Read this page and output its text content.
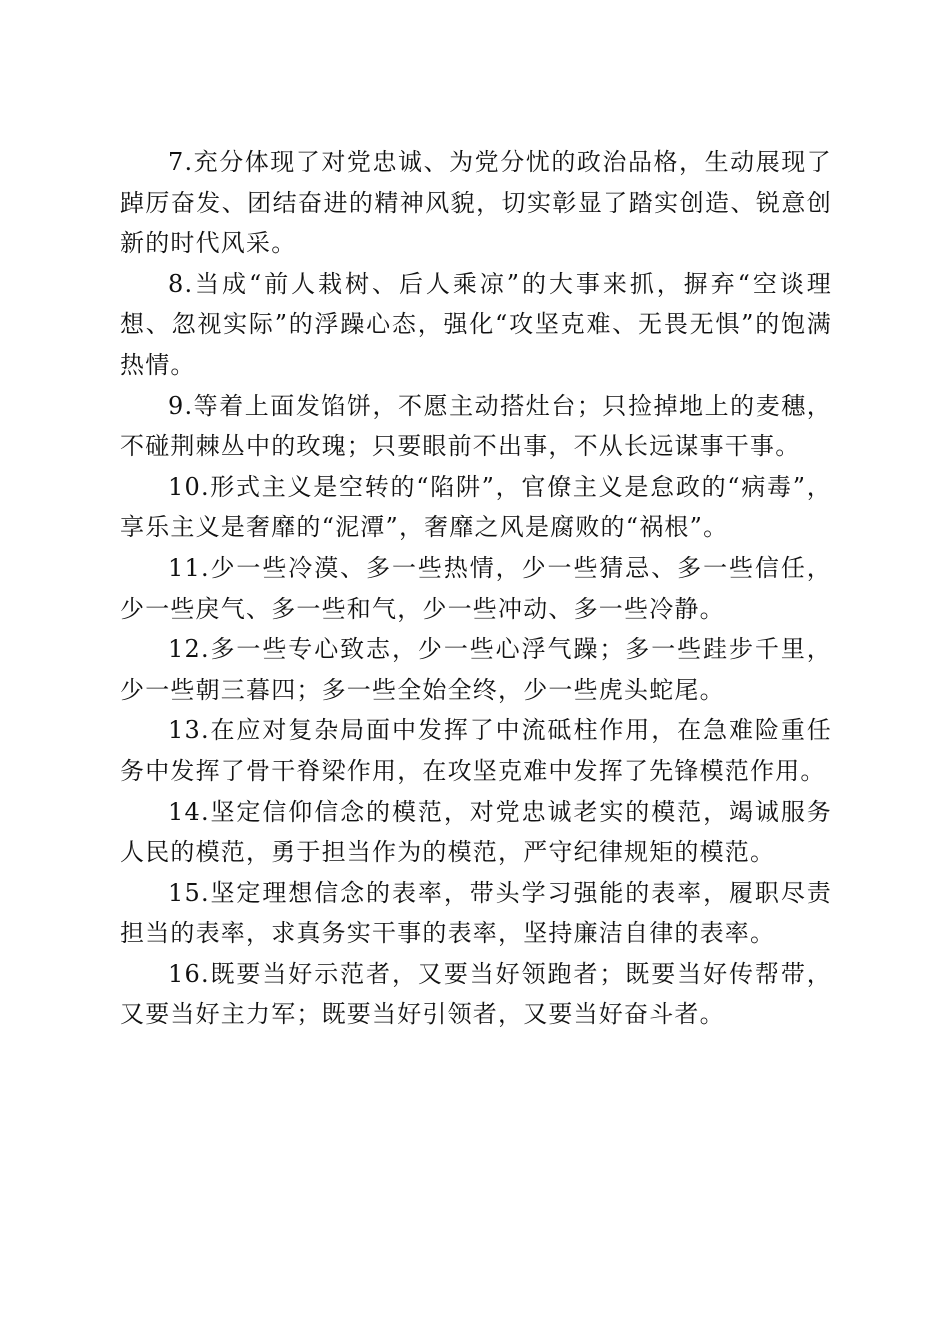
7.充分体现了对党忠诚、为党分忧的政治品格，生动展现了踔厉奋发、团结奋进的精神风貌，切实彰显了踏实创造、锐意创新的时代风采。

8.当成“前人栽树、后人乘凉”的大事来抓，摒弃“空谈理想、忽视实际”的浮躁心态，强化“攻坚克难、无畏无惧”的饱满热情。

9.等着上面发馅饼，不愿主动搭灶台；只捡掉地上的麦穗，不碰荆棘丛中的玫瑰；只要眼前不出事，不从长远谋事干事。

10.形式主义是空转的“陷阱”，官僚主义是怠政的“病毒”，享乐主义是奢靡的“泥潭”，奢靡之风是腐败的“祸根”。

11.少一些冷漠、多一些热情，少一些猜忌、多一些信任，少一些戾气、多一些和气，少一些冲动、多一些冷静。

12.多一些专心致志，少一些心浮气躁；多一些跬步千里，少一些朝三暮四；多一些全始全终，少一些虎头蛇尾。

13.在应对复杂局面中发挥了中流砥柱作用，在急难险重任务中发挥了骨干脊梁作用，在攻坚克难中发挥了先锋模范作用。

14.坚定信仰信念的模范，对党忠诚老实的模范，竭诚服务人民的模范，勇于担当作为的模范，严守纪律规矩的模范。

15.坚定理想信念的表率，带头学习强能的表率，履职尽责担当的表率，求真务实干事的表率，坚持廉洁自律的表率。

16.既要当好示范者，又要当好领跑者；既要当好传帮带，又要当好主力军；既要当好引领者，又要当好奋斗者。
